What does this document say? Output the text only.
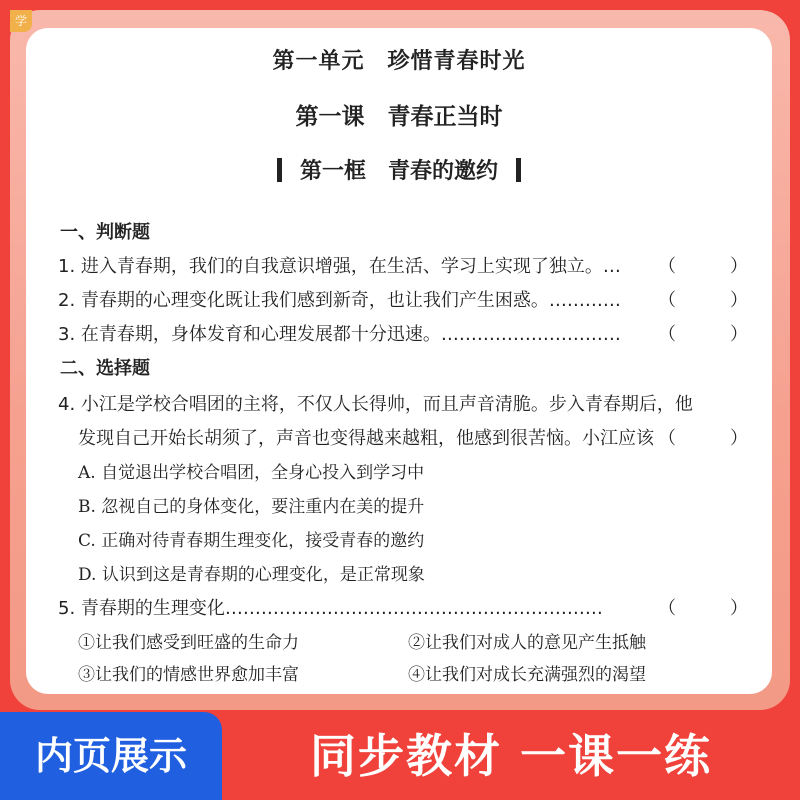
学
第一单元　珍惜青春时光
第一课　青春正当时
第一框　青春的邀约
一、判断题
1. 进入青春期，我们的自我意识增强，在生活、学习上实现了独立。… （　　　）
2. 青春期的心理变化既让我们感到新奇，也让我们产生困惑。………… （　　　）
3. 在青春期，身体发育和心理发展都十分迅速。………………………… （　　　）
二、选择题
4. 小江是学校合唱团的主将，不仅人长得帅，而且声音清脆。步入青春期后，他
发现自己开始长胡须了，声音也变得越来越粗，他感到很苦恼。小江应该 （　　　）
A. 自觉退出学校合唱团，全身心投入到学习中
B. 忽视自己的身体变化，要注重内在美的提升
C. 正确对待青春期生理变化，接受青春的邀约
D. 认识到这是青春期的心理变化，是正常现象
5. 青春期的生理变化………………………………………………………	（　　　）
①让我们感受到旺盛的生命力	②让我们对成人的意见产生抵触
③让我们的情感世界愈加丰富	④让我们对成长充满强烈的渴望
内页展示	同步教材 一课一练
